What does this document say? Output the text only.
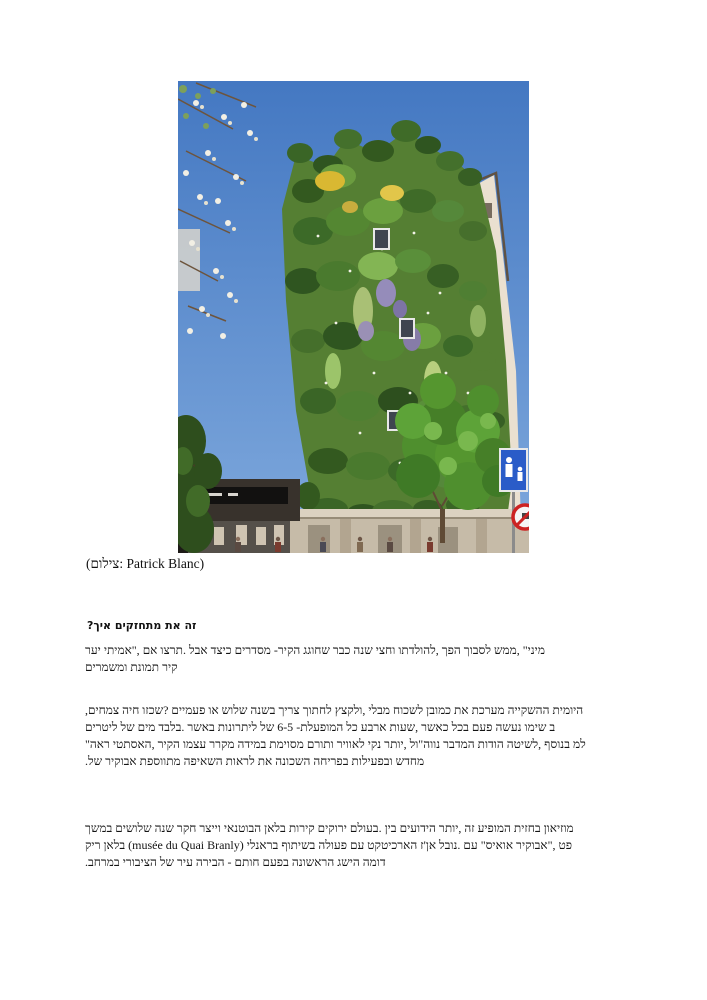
(צילום: Patrick Blanc)
?איך מתחזקים את זה
יער אמיתי", אם תרצו. אבל כיצד מסדרים -הקיר שחוגג כבר שנה וחצי להולדתו, הפך לסבוך ממש, "מיני
ומשמרים תמונת קיר
,צמחים חיה שכזו? פעמיים או שלוש בשנה צריך לחתוך ולקצץ, מבלי לשכוח כמובן את מערכת ההשקייה היומית
ליטרים של מים בלבד. באשר ליתרונות של 6-5 -המופעלת כל ארבע שעות, כאשר בכל פעם נעשה שימו ב
"ראה האסתטי, הקיר עצמו מקרר במידה מסוימת ותורם לאוויר נקי יותר, ול"נווה המדבר הודות לשיטה, בנוסף למ
.של אבוקיר מתווספת השאיפה לראות את השכונה בפריחה ובפעילות מחדש
במשך שלושים שנה חקר וייצר הבוטנאי בלאן קירות ירוקים בעולם. בין הידועים יותר, זה המופיע בחזית מוזיאון
ריק בלאן (musée du Quai Branly) בראנלי בשיתוף פעולה עם הארכיטקט ז'אן נובל. עם "אואיס אבוקיר", פט
.במרחב הציבורי של עיר הבירה - חותם בפעם הראשונה הישג דומה
